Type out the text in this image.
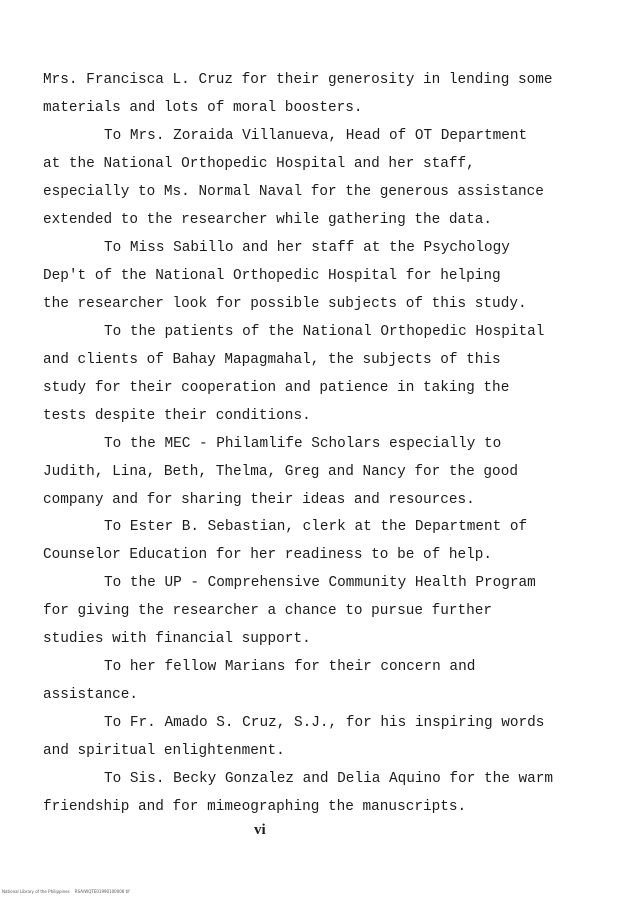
Mrs. Francisca L. Cruz for their generosity in lending some
materials and lots of moral boosters.
To Mrs. Zoraida Villanueva, Head of OT Department
at the National Orthopedic Hospital and her staff,
especially to Ms. Normal Naval for the generous assistance
extended to the researcher while gathering the data.
To Miss Sabillo and her staff at the Psychology
Dep't of the National Orthopedic Hospital for helping
the researcher look for possible subjects of this study.
To the patients of the National Orthopedic Hospital
and clients of Bahay Mapagmahal, the subjects of this
study for their cooperation and patience in taking the
tests despite their conditions.
To the MEC - Philamlife Scholars especially to
Judith, Lina, Beth, Thelma, Greg and Nancy for the good
company and for sharing their ideas and resources.
To Ester B. Sebastian, clerk at the Department of
Counselor Education for her readiness to be of help.
To the UP - Comprehensive Community Health Program
for giving the researcher a chance to pursue further
studies with financial support.
To her fellow Marians for their concern and
assistance.
To Fr. Amado S. Cruz, S.J., for his inspiring words
and spiritual enlightenment.
To Sis. Becky Gonzalez and Delia Aquino for the warm
friendship and for mimeographing the manuscripts.
vi
National Library of the Philippines    RSA/WQTE01990100006 tif
